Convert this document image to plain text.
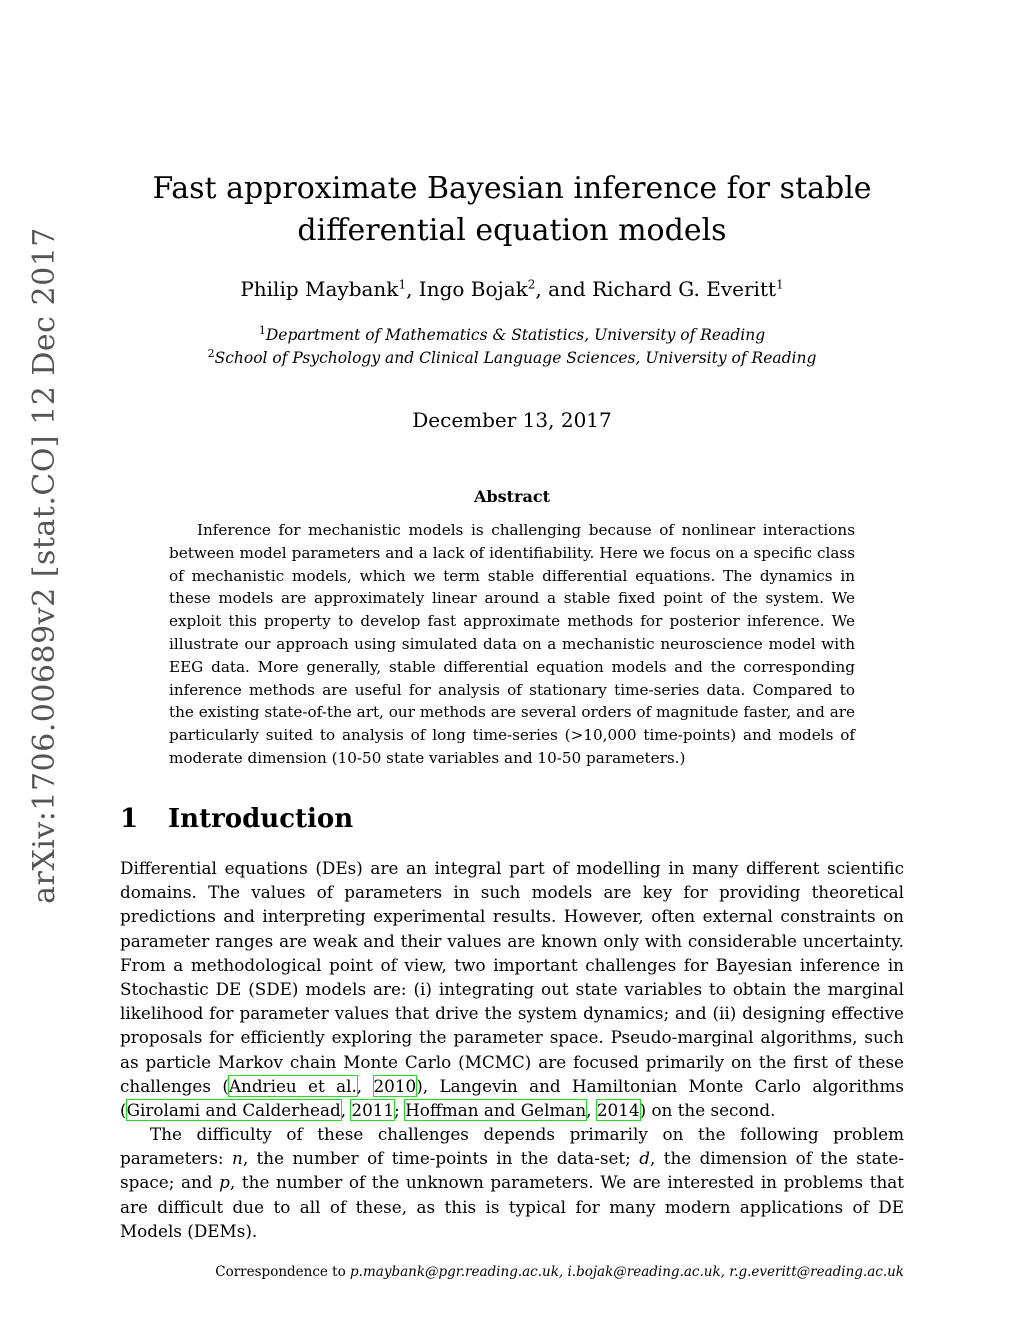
arXiv:1706.00689v2 [stat.CO] 12 Dec 2017
Fast approximate Bayesian inference for stable
differential equation models
Philip Maybank$^1$, Ingo Bojak$^2$, and Richard G. Everitt$^1$
$^1$Department of Mathematics & Statistics, University of Reading
$^2$School of Psychology and Clinical Language Sciences, University of Reading
December 13, 2017
Abstract
Inference for mechanistic models is challenging because of nonlinear interactions between model parameters and a lack of identifiability. Here we focus on a specific class of mechanistic models, which we term stable differential equations. The dynamics in these models are approximately linear around a stable fixed point of the system. We exploit this property to develop fast approximate methods for posterior inference. We illustrate our approach using simulated data on a mechanistic neuroscience model with EEG data. More generally, stable differential equation models and the corresponding inference methods are useful for analysis of stationary time-series data. Compared to the existing state-of-the art, our methods are several orders of magnitude faster, and are particularly suited to analysis of long time-series (>10,000 time-points) and models of moderate dimension (10-50 state variables and 10-50 parameters.)
1 Introduction
Differential equations (DEs) are an integral part of modelling in many different scientific domains. The values of parameters in such models are key for providing theoretical predictions and interpreting experimental results. However, often external constraints on parameter ranges are weak and their values are known only with considerable uncertainty. From a methodological point of view, two important challenges for Bayesian inference in Stochastic DE (SDE) models are: (i) integrating out state variables to obtain the marginal likelihood for parameter values that drive the system dynamics; and (ii) designing effective proposals for efficiently exploring the parameter space. Pseudo-marginal algorithms, such as particle Markov chain Monte Carlo (MCMC) are focused primarily on the first of these challenges (Andrieu et al., 2010), Langevin and Hamiltonian Monte Carlo algorithms (Girolami and Calderhead, 2011; Hoffman and Gelman, 2014) on the second.
The difficulty of these challenges depends primarily on the following problem parameters: n, the number of time-points in the data-set; d, the dimension of the state-space; and p, the number of the unknown parameters. We are interested in problems that are difficult due to all of these, as this is typical for many modern applications of DE Models (DEMs).
Correspondence to p.maybank@pgr.reading.ac.uk, i.bojak@reading.ac.uk, r.g.everitt@reading.ac.uk
